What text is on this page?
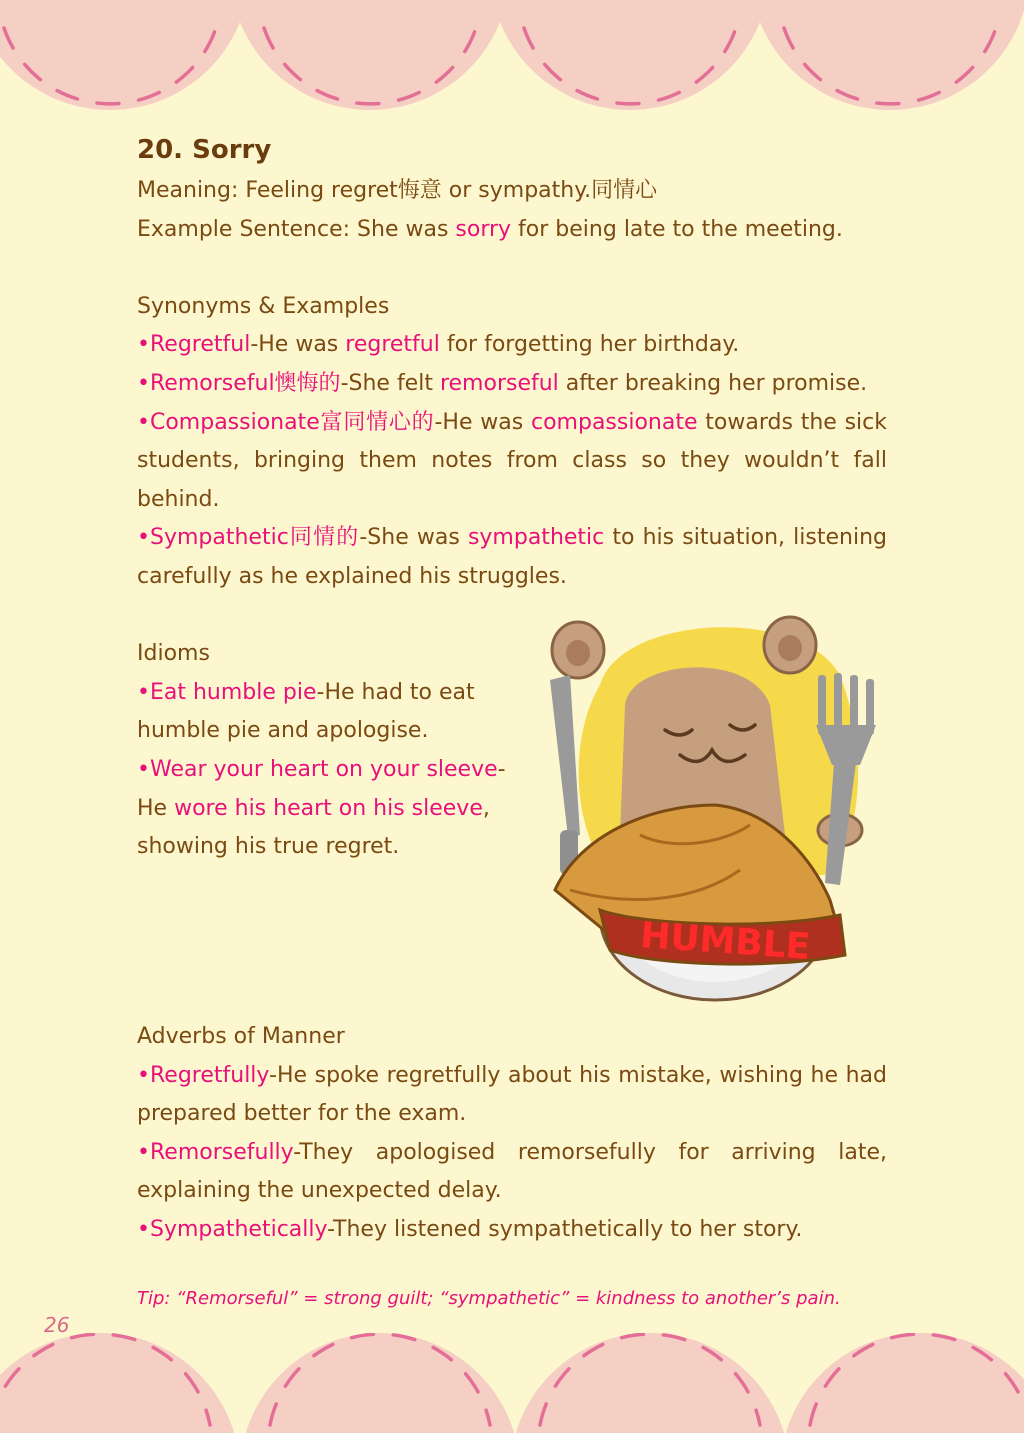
20. Sorry

Meaning: Feeling regret悔意 or sympathy.同情心

Example Sentence: She was sorry for being late to the meeting.

Synonyms & Examples

•Regretful-He was regretful for forgetting her birthday.

•Remorseful懊悔的-She felt remorseful after breaking her promise.

•Compassionate富同情心的-He was compassionate towards the sick students, bringing them notes from class so they wouldn’t fall behind.

•Sympathetic同情的-She was sympathetic to his situation, listening carefully as he explained his struggles.

Idioms

•Eat humble pie-He had to eat humble pie and apologise.

•Wear your heart on your sleeve- He wore his heart on his sleeve, showing his true regret.

Adverbs of Manner

•Regretfully-He spoke regretfully about his mistake, wishing he had prepared better for the exam.

•Remorsefully-They apologised remorsefully for arriving late, explaining the unexpected delay.

•Sympathetically-They listened sympathetically to her story.

Tip: “Remorseful” = strong guilt; “sympathetic” = kindness to another’s pain.

26

HUMBLE
